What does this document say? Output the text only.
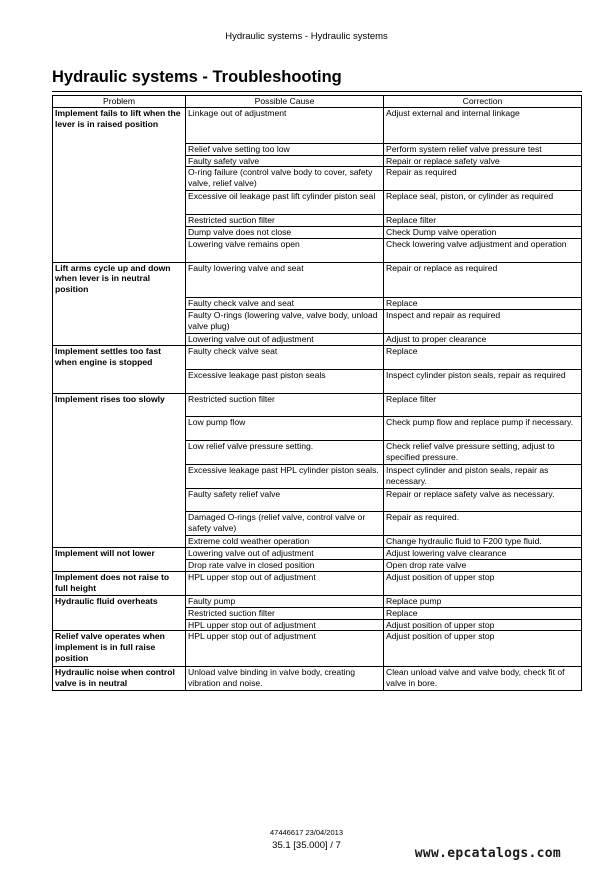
Hydraulic systems - Hydraulic systems
Hydraulic systems - Troubleshooting
Problem	Possible Cause	Correction
Implement fails to lift when the lever is in raised position	Linkage out of adjustment	Adjust external and internal linkage
	Relief valve setting too low	Perform system relief valve pressure test
	Faulty safety valve	Repair or replace safety valve
	O-ring failure (control valve body to cover, safety valve, relief valve)	Repair as required
	Excessive oil leakage past lift cylinder piston seal	Replace seal, piston, or cylinder as required
	Restricted suction filter	Replace filter
	Dump valve does not close	Check Dump valve operation
	Lowering valve remains open	Check lowering valve adjustment and operation
Lift arms cycle up and down when lever is in neutral position	Faulty lowering valve and seat	Repair or replace as required
	Faulty check valve and seat	Replace
	Faulty O-rings (lowering valve, valve body, unload valve plug)	Inspect and repair as required
	Lowering valve out of adjustment	Adjust to proper clearance
Implement settles too fast when engine is stopped	Faulty check valve seat	Replace
	Excessive leakage past piston seals	Inspect cylinder piston seals, repair as required
Implement rises too slowly	Restricted suction filter	Replace filter
	Low pump flow	Check pump flow and replace pump if necessary.
	Low relief valve pressure setting.	Check relief valve pressure setting, adjust to specified pressure.
	Excessive leakage past HPL cylinder piston seals.	Inspect cylinder and piston seals, repair as necessary.
	Faulty safety relief valve	Repair or replace safety valve as necessary.
	Damaged O-rings (relief valve, control valve or safety valve)	Repair as required.
	Extreme cold weather operation	Change hydraulic fluid to F200 type fluid.
Implement will not lower	Lowering valve out of adjustment	Adjust lowering valve clearance
	Drop rate valve in closed position	Open drop rate valve
Implement does not raise to full height	HPL upper stop out of adjustment	Adjust position of upper stop
Hydraulic fluid overheats	Faulty pump	Replace pump
	Restricted suction filter	Replace
	HPL upper stop out of adjustment	Adjust position of upper stop
Relief valve operates when implement is in full raise position	HPL upper stop out of adjustment	Adjust position of upper stop
Hydraulic noise when control valve is in neutral	Unload valve binding in valve body, creating vibration and noise.	Clean unload valve and valve body, check fit of valve in bore.
47446617 23/04/2013
35.1 [35.000] / 7
www.epcatalogs.com
